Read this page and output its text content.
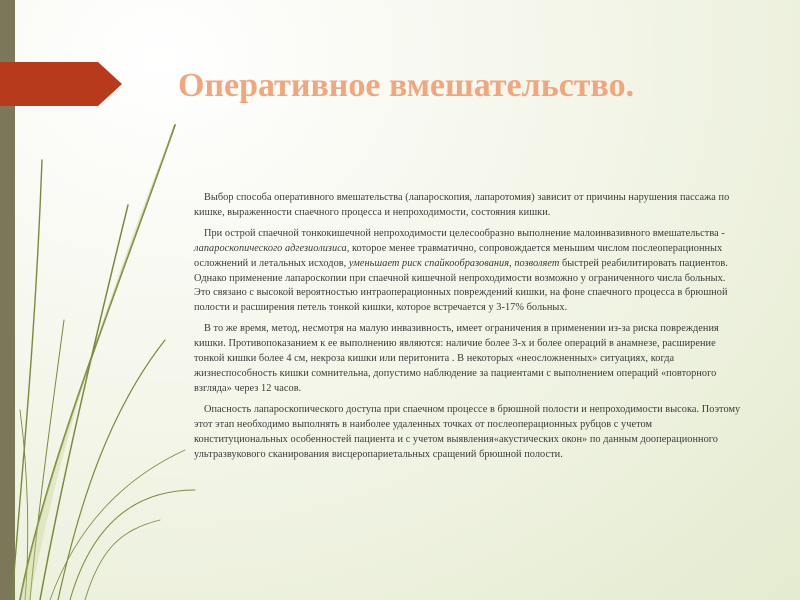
Оперативное вмешательство.

Выбор способа оперативного вмешательства (лапароскопия, лапаротомия) зависит от причины нарушения пассажа по кишке, выраженности спаечного процесса и непроходимости, состояния кишки.

При острой спаечной тонкокишечной непроходимости целесообразно выполнение малоинвазивного вмешательства - лапароскопического адгезиолизиса, которое менее травматично, сопровождается меньшим числом послеоперационных осложнений и летальных исходов, уменьшает риск спайкообразования, позволяет быстрей реабилитировать пациентов. Однако применение лапароскопии при спаечной кишечной непроходимости возможно у ограниченного числа больных. Это связано с высокой вероятностью интраоперационных повреждений кишки, на фоне спаечного процесса в брюшной полости и расширения петель тонкой кишки, которое встречается у 3-17% больных.

В то же время, метод, несмотря на малую инвазивность, имеет ограничения в применении из-за риска повреждения кишки. Противопоказанием к ее выполнению являются: наличие более 3-х и более операций в анамнезе, расширение тонкой кишки более 4 см, некроза кишки или перитонита . В некоторых «неосложненных» ситуациях, когда жизнеспособность кишки сомнительна, допустимо наблюдение за пациентами с выполнением операций «повторного взгляда» через 12 часов.

Опасность лапароскопического доступа при спаечном процессе в брюшной полости и непроходимости высока. Поэтому этот этап необходимо выполнять в наиболее удаленных точках от послеоперационных рубцов с учетом конституциональных особенностей пациента и с учетом выявления«акустических окон» по данным дооперационного ультразвукового сканирования висцеропариетальных сращений брюшной полости.
